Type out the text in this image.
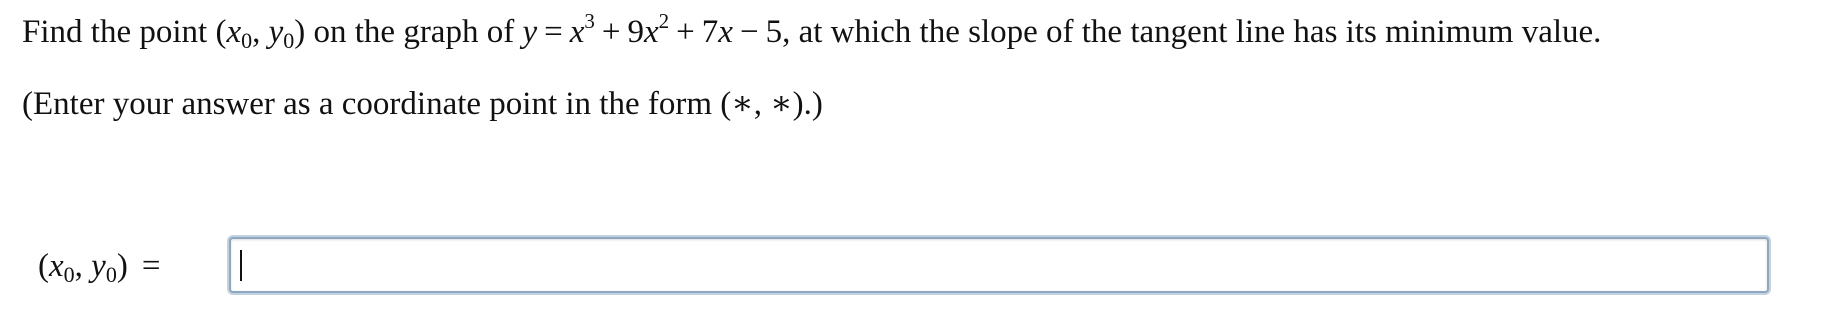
Find the point ($x_0$, $y_0$) on the graph of $y = x^3 + 9x^2 + 7x - 5$, at which the slope of the tangent line has its minimum value.
(Enter your answer as a coordinate point in the form (∗, ∗).)
($x_0$, $y_0$) =
